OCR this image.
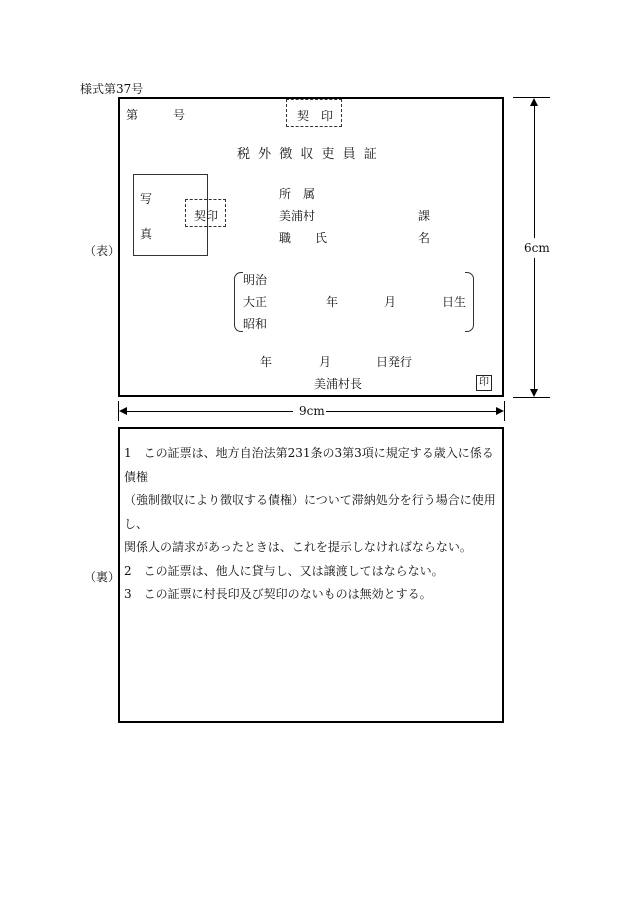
様式第37号
（表）
第	号	契　印
税 外 徴 収 吏 員 証
写
真
契印
所　属
美浦村	課
職　　氏	名
明治
大正
昭和
年	月	日生
年	月	日発行
美浦村長	印
6cm
9cm
（裏）

1　この証票は、地方自治法第231条の3第3項に規定する歳入に係る債権

（強制徴収により徴収する債権）について滞納処分を行う場合に使用し、

関係人の請求があったときは、これを提示しなければならない。

2　この証票は、他人に貸与し、又は譲渡してはならない。

3　この証票に村長印及び契印のないものは無効とする。
